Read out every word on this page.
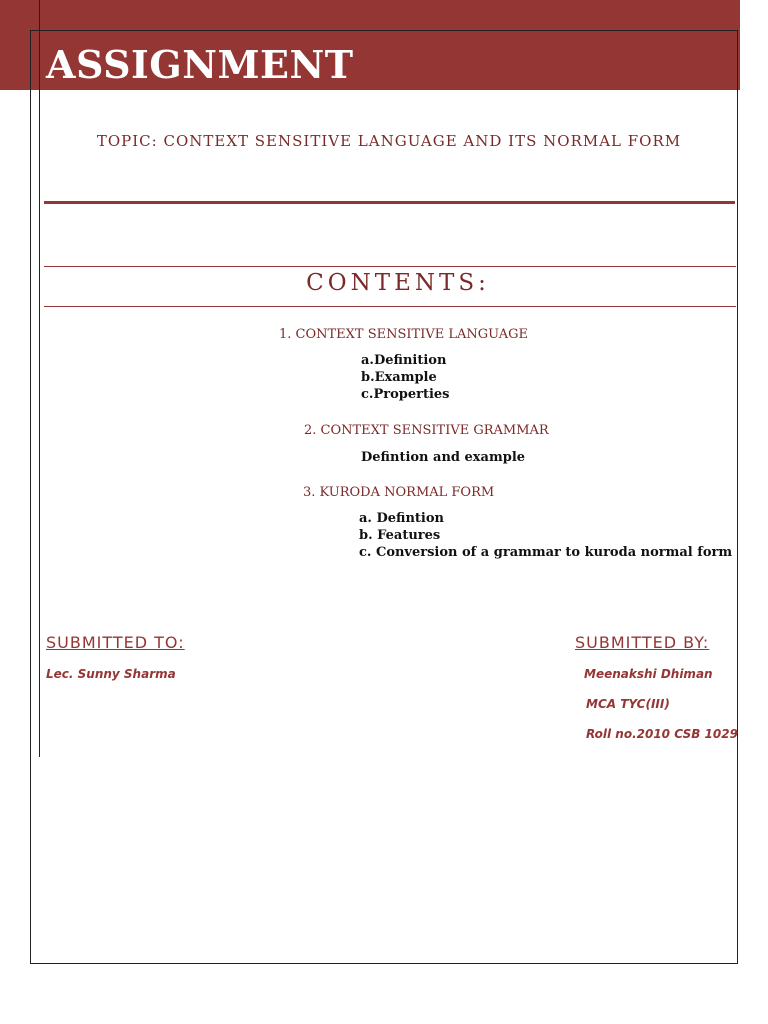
ASSIGNMENT
TOPIC: CONTEXT SENSITIVE LANGUAGE AND ITS NORMAL FORM
CONTENTS:
1. CONTEXT SENSITIVE LANGUAGE
a.Definition
b.Example
c.Properties
2. CONTEXT SENSITIVE GRAMMAR
Defintion and example
3. KURODA NORMAL FORM
a. Defintion
b. Features
c. Conversion of a grammar to kuroda normal form
SUBMITTED TO:
Lec. Sunny Sharma
SUBMITTED BY:
Meenakshi Dhiman
MCA TYC(III)
Roll no.2010 CSB 1029
